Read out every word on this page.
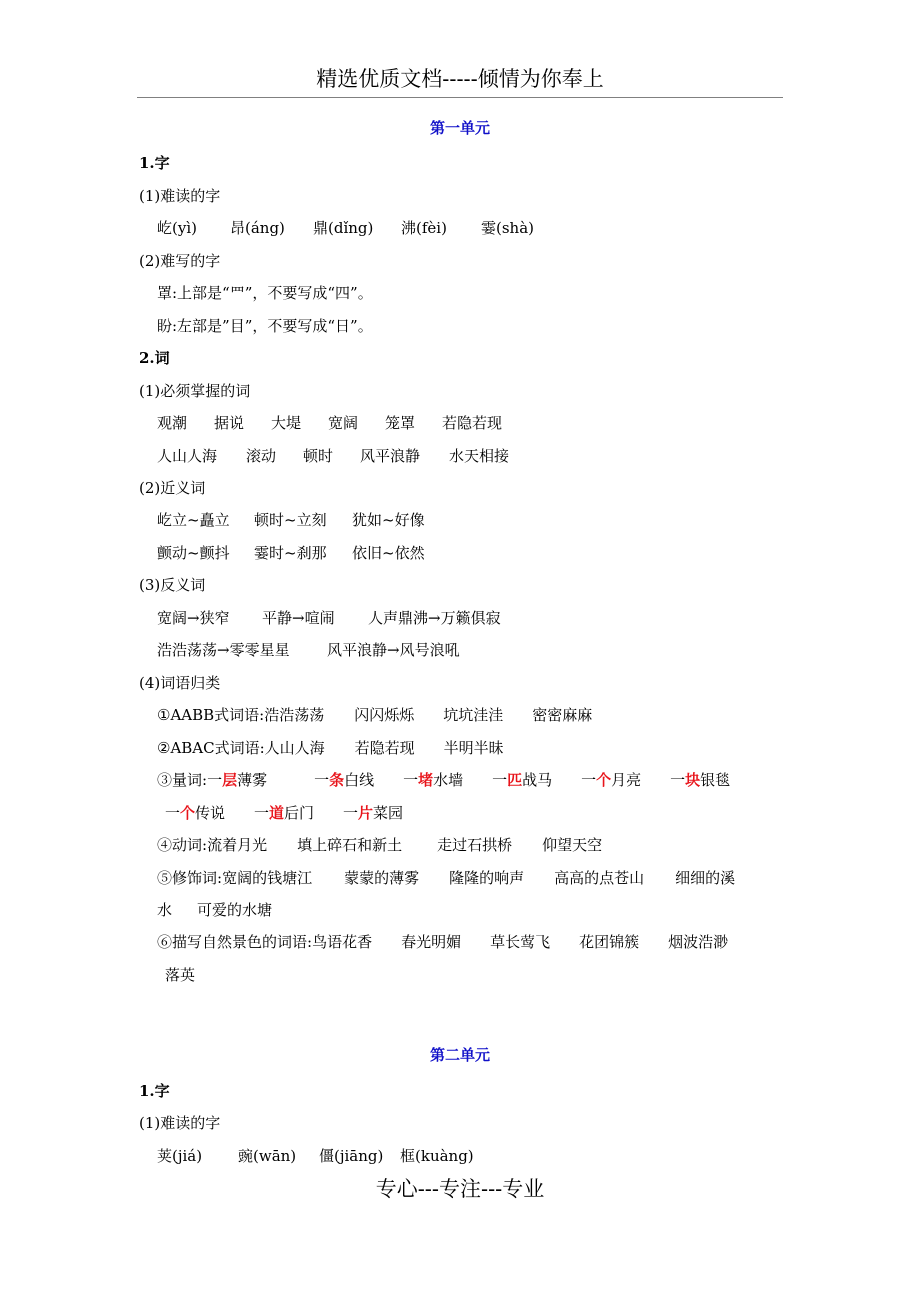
精选优质文档-----倾情为你奉上
第一单元
1.字
(1)难读的字
屹(yì) 昂(áng) 鼎(dǐng) 沸(fèi) 霎(shà)
(2)难写的字
罩:上部是“罒”，不要写成“四”。
盼:左部是”目”，不要写成“日”。
2.词
(1)必须掌握的词
观潮 据说 大堤 宽阔 笼罩 若隐若现
人山人海 滚动 顿时 风平浪静 水天相接
(2)近义词
屹立~矗立 顿时~立刻 犹如~好像
颤动~颤抖 霎时~刹那 依旧~依然
(3)反义词
宽阔→狭窄 平静→喧闹 人声鼎沸→万籁俱寂
浩浩荡荡→零零星星 风平浪静→风号浪吼
(4)词语归类
①AABB式词语:浩浩荡荡 闪闪烁烁 坑坑洼洼 密密麻麻
②ABAC式词语:人山人海 若隐若现 半明半昧
③量词:一层薄雾	一条白线 一堵水墙 一匹战马 一个月亮 一块银毯
一个传说 一道后门 一片菜园
④动词:流着月光 填上碎石和新土 走过石拱桥 仰望天空
⑤修饰词:宽阔的钱塘江 蒙蒙的薄雾 隆隆的响声 高高的点苍山 细细的溪
水 可爱的水塘
⑥描写自然景色的词语:鸟语花香 春光明媚 草长莺飞 花团锦簇 烟波浩渺
落英
第二单元
1.字
(1)难读的字
荚(jiá) 豌(wān) 僵(jiāng) 框(kuàng)
专心---专注---专业
